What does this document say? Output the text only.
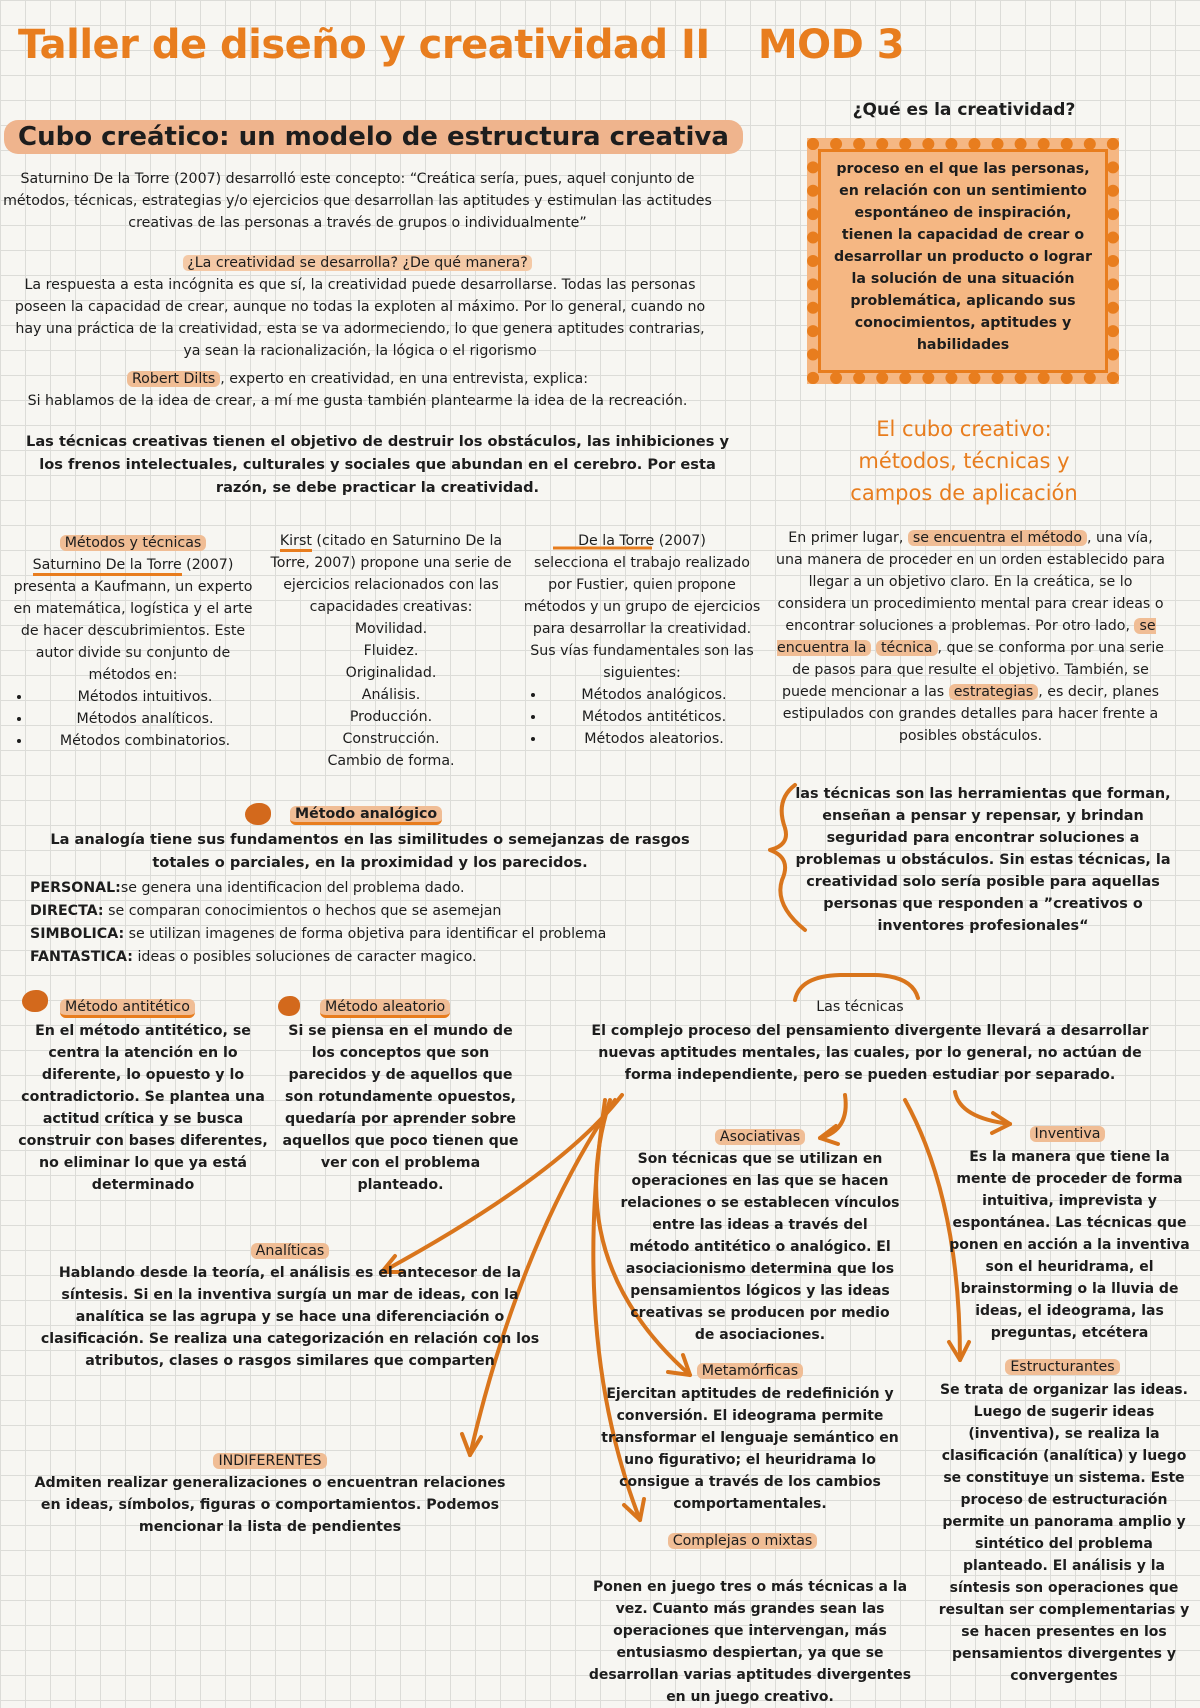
Taller de diseño y creatividad II MOD 3
Cubo creático: un modelo de estructura creativa
Saturnino De la Torre (2007) desarrolló este concepto: “Creática sería, pues, aquel conjunto de métodos, técnicas, estrategias y/o ejercicios que desarrollan las aptitudes y estimulan las actitudes creativas de las personas a través de grupos o individualmente”
¿La creatividad se desarrolla? ¿De qué manera?
La respuesta a esta incógnita es que sí, la creatividad puede desarrollarse. Todas las personas poseen la capacidad de crear, aunque no todas la exploten al máximo. Por lo general, cuando no hay una práctica de la creatividad, esta se va adormeciendo, lo que genera aptitudes contrarias, ya sean la racionalización, la lógica o el rigorismo
Robert Dilts , experto en creatividad, en una entrevista, explica:
Si hablamos de la idea de crear, a mí me gusta también plantearme la idea de la recreación.
Las técnicas creativas tienen el objetivo de destruir los obstáculos, las inhibiciones y los frenos intelectuales, culturales y sociales que abundan en el cerebro. Por esta razón, se debe practicar la creatividad.
¿Qué es la creatividad?
proceso en el que las personas, en relación con un sentimiento espontáneo de inspiración, tienen la capacidad de crear o desarrollar un producto o lograr la solución de una situación problemática, aplicando sus conocimientos, aptitudes y habilidades
El cubo creativo:
métodos, técnicas y
campos de aplicación
En primer lugar, se encuentra el método , una vía, una manera de proceder en un orden establecido para llegar a un objetivo claro. En la creática, se lo considera un procedimiento mental para crear ideas o encontrar soluciones a problemas. Por otro lado, se encuentra la técnica , que se conforma por una serie de pasos para que resulte el objetivo. También, se puede mencionar a las estrategias , es decir, planes estipulados con grandes detalles para hacer frente a posibles obstáculos.
las técnicas son las herramientas que forman, enseñan a pensar y repensar, y brindan seguridad para encontrar soluciones a problemas u obstáculos. Sin estas técnicas, la creatividad solo sería posible para aquellas personas que responden a ”creativos o inventores profesionales“
Métodos y técnicas
Saturnino De la Torre (2007)
presenta a Kaufmann, un experto en matemática, logística y el arte de hacer descubrimientos. Este autor divide su conjunto de métodos en:
• Métodos intuitivos.
• Métodos analíticos.
• Métodos combinatorios.
Kirst (citado en Saturnino De la Torre, 2007) propone una serie de ejercicios relacionados con las capacidades creativas:
Movilidad.
Fluidez.
Originalidad.
Análisis.
Producción.
Construcción.
Cambio de forma.
De la Torre (2007)
selecciona el trabajo realizado por Fustier, quien propone métodos y un grupo de ejercicios para desarrollar la creatividad. Sus vías fundamentales son las siguientes:
• Métodos analógicos.
• Métodos antitéticos.
• Métodos aleatorios.
Método analógico
La analogía tiene sus fundamentos en las similitudes o semejanzas de rasgos totales o parciales, en la proximidad y los parecidos.
PERSONAL:se genera una identificacion del problema dado.
DIRECTA: se comparan conocimientos o hechos que se asemejan
SIMBOLICA: se utilizan imagenes de forma objetiva para identificar el problema
FANTASTICA: ideas o posibles soluciones de caracter magico.
Método antitético
En el método antitético, se centra la atención en lo diferente, lo opuesto y lo contradictorio. Se plantea una actitud crítica y se busca construir con bases diferentes, no eliminar lo que ya está determinado
Método aleatorio
Si se piensa en el mundo de los conceptos que son parecidos y de aquellos que son rotundamente opuestos, quedaría por aprender sobre aquellos que poco tienen que ver con el problema planteado.
Las técnicas
El complejo proceso del pensamiento divergente llevará a desarrollar nuevas aptitudes mentales, las cuales, por lo general, no actúan de forma independiente, pero se pueden estudiar por separado.
Asociativas
Son técnicas que se utilizan en operaciones en las que se hacen relaciones o se establecen vínculos entre las ideas a través del método antitético o analógico. El asociacionismo determina que los pensamientos lógicos y las ideas creativas se producen por medio de asociaciones.
Inventiva
Es la manera que tiene la mente de proceder de forma intuitiva, imprevista y espontánea. Las técnicas que ponen en acción a la inventiva son el heuridrama, el brainstorming o la lluvia de ideas, el ideograma, las preguntas, etcétera
Analíticas
Hablando desde la teoría, el análisis es el antecesor de la síntesis. Si en la inventiva surgía un mar de ideas, con la analítica se las agrupa y se hace una diferenciación o clasificación. Se realiza una categorización en relación con los atributos, clases o rasgos similares que comparten
Metamórficas
Ejercitan aptitudes de redefinición y conversión. El ideograma permite transformar el lenguaje semántico en uno figurativo; el heuridrama lo consigue a través de los cambios comportamentales.
Estructurantes
Se trata de organizar las ideas. Luego de sugerir ideas (inventiva), se realiza la clasificación (analítica) y luego se constituye un sistema. Este proceso de estructuración permite un panorama amplio y sintético del problema planteado. El análisis y la síntesis son operaciones que resultan ser complementarias y se hacen presentes en los pensamientos divergentes y convergentes
INDIFERENTES
Admiten realizar generalizaciones o encuentran relaciones en ideas, símbolos, figuras o comportamientos. Podemos mencionar la lista de pendientes
Complejas o mixtas
Ponen en juego tres o más técnicas a la vez. Cuanto más grandes sean las operaciones que intervengan, más entusiasmo despiertan, ya que se desarrollan varias aptitudes divergentes en un juego creativo.
